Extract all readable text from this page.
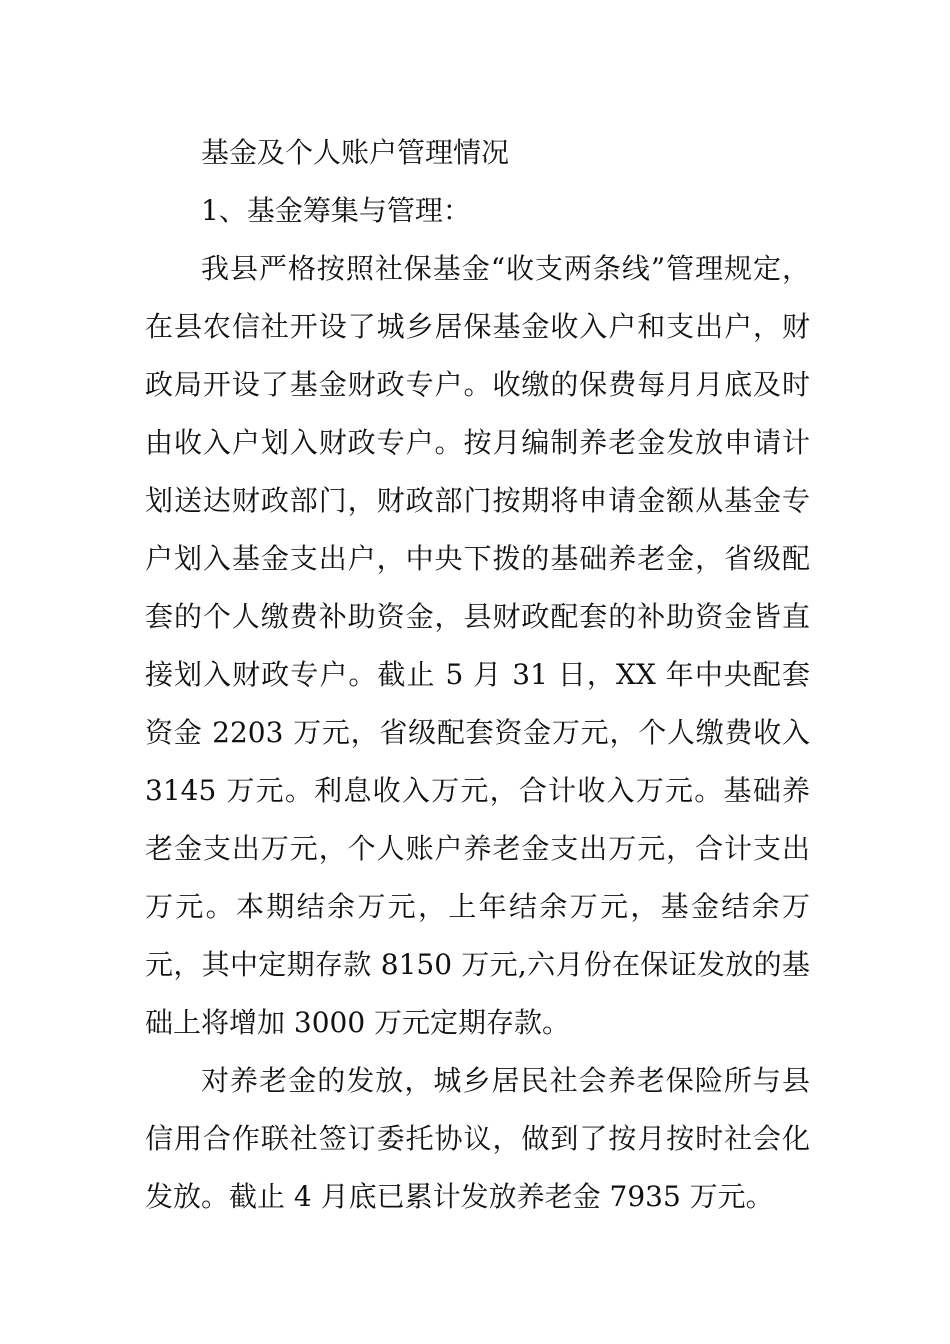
基金及个人账户管理情况

1、基金筹集与管理：

我县严格按照社保基金“收支两条线”管理规定，在县农信社开设了城乡居保基金收入户和支出户，财政局开设了基金财政专户。收缴的保费每月月底及时由收入户划入财政专户。按月编制养老金发放申请计划送达财政部门，财政部门按期将申请金额从基金专户划入基金支出户，中央下拨的基础养老金，省级配套的个人缴费补助资金，县财政配套的补助资金皆直接划入财政专户。截止 5 月 31 日，XX 年中央配套资金 2203 万元，省级配套资金万元，个人缴费收入 3145 万元。利息收入万元，合计收入万元。基础养老金支出万元，个人账户养老金支出万元，合计支出万元。本期结余万元，上年结余万元，基金结余万元，其中定期存款 8150 万元,六月份在保证发放的基础上将增加 3000 万元定期存款。

对养老金的发放，城乡居民社会养老保险所与县信用合作联社签订委托协议，做到了按月按时社会化发放。截止 4 月底已累计发放养老金 7935 万元。
